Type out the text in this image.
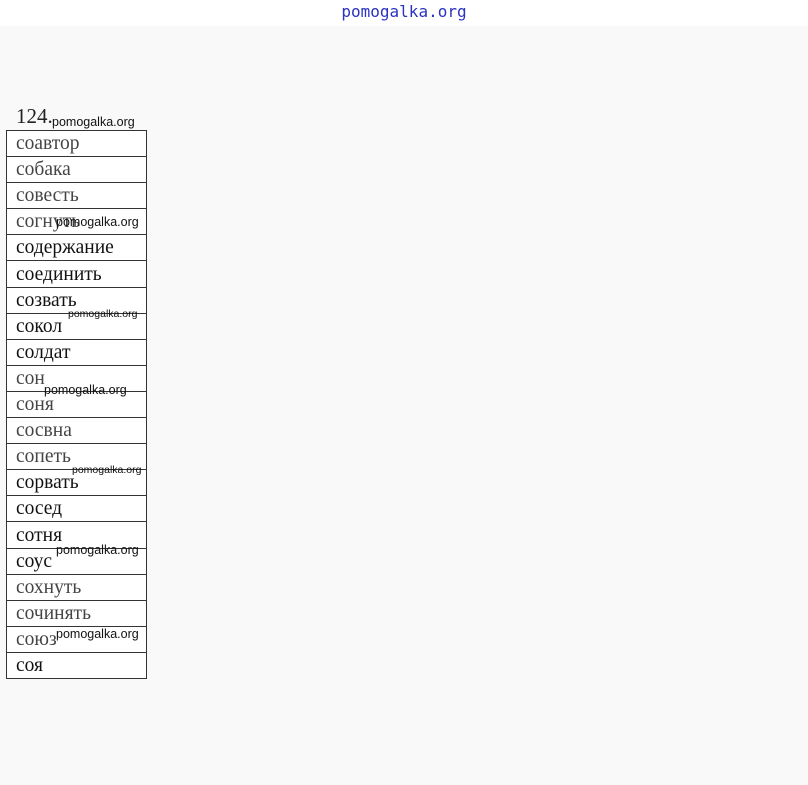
pomogalka.org
124.
соавтор
собака
совесть
согнуть
содержание
соединить
созвать
сокол
солдат
сон
соня
сосвна
сопеть
сорвать
сосед
сотня
соус
сохнуть
сочинять
союз
соя
pomogalka.org
pomogalka.org
pomogalka.org
pomogalka.org
pomogalka.org
pomogalka.org
pomogalka.org
